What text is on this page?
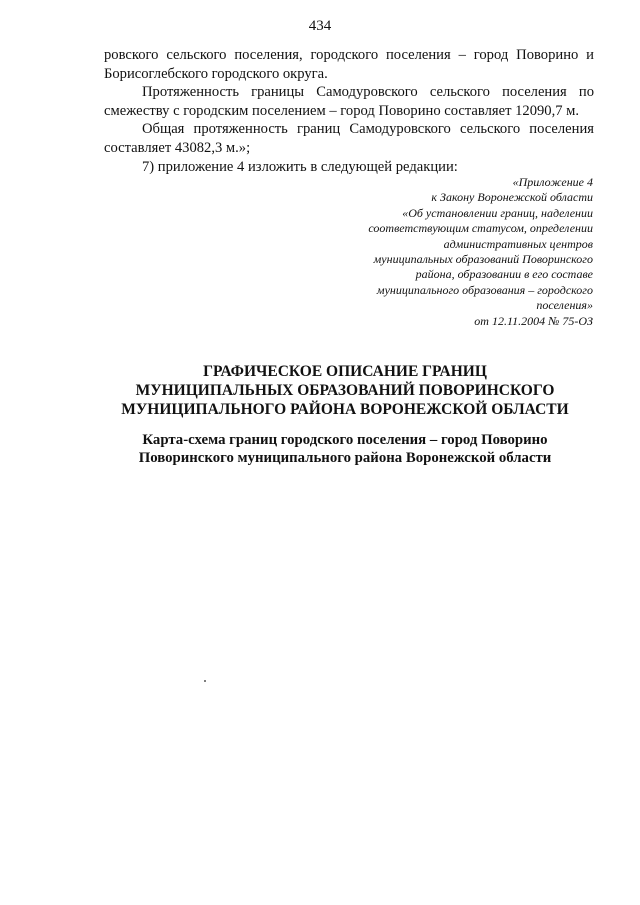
434

ровского сельского поселения, городского поселения – город Поворино и Борисоглебского городского округа.

Протяженность границы Самодуровского сельского поселения по смежеству с городским поселением – город Поворино составляет 12090,7 м.

Общая протяженность границ Самодуровского сельского поселения составляет 43082,3 м.»;

7) приложение 4 изложить в следующей редакции:

«Приложение 4
к Закону Воронежской области
«Об установлении границ, наделении
соответствующим статусом, определении
административных центров
муниципальных образований Поворинского
района, образовании в его составе
муниципального образования – городского
поселения»
от 12.11.2004 № 75-ОЗ
ГРАФИЧЕСКОЕ ОПИСАНИЕ ГРАНИЦ
МУНИЦИПАЛЬНЫХ ОБРАЗОВАНИЙ ПОВОРИНСКОГО
МУНИЦИПАЛЬНОГО РАЙОНА ВОРОНЕЖСКОЙ ОБЛАСТИ
Карта-схема границ городского поселения – город Поворино
Поворинского муниципального района Воронежской области
